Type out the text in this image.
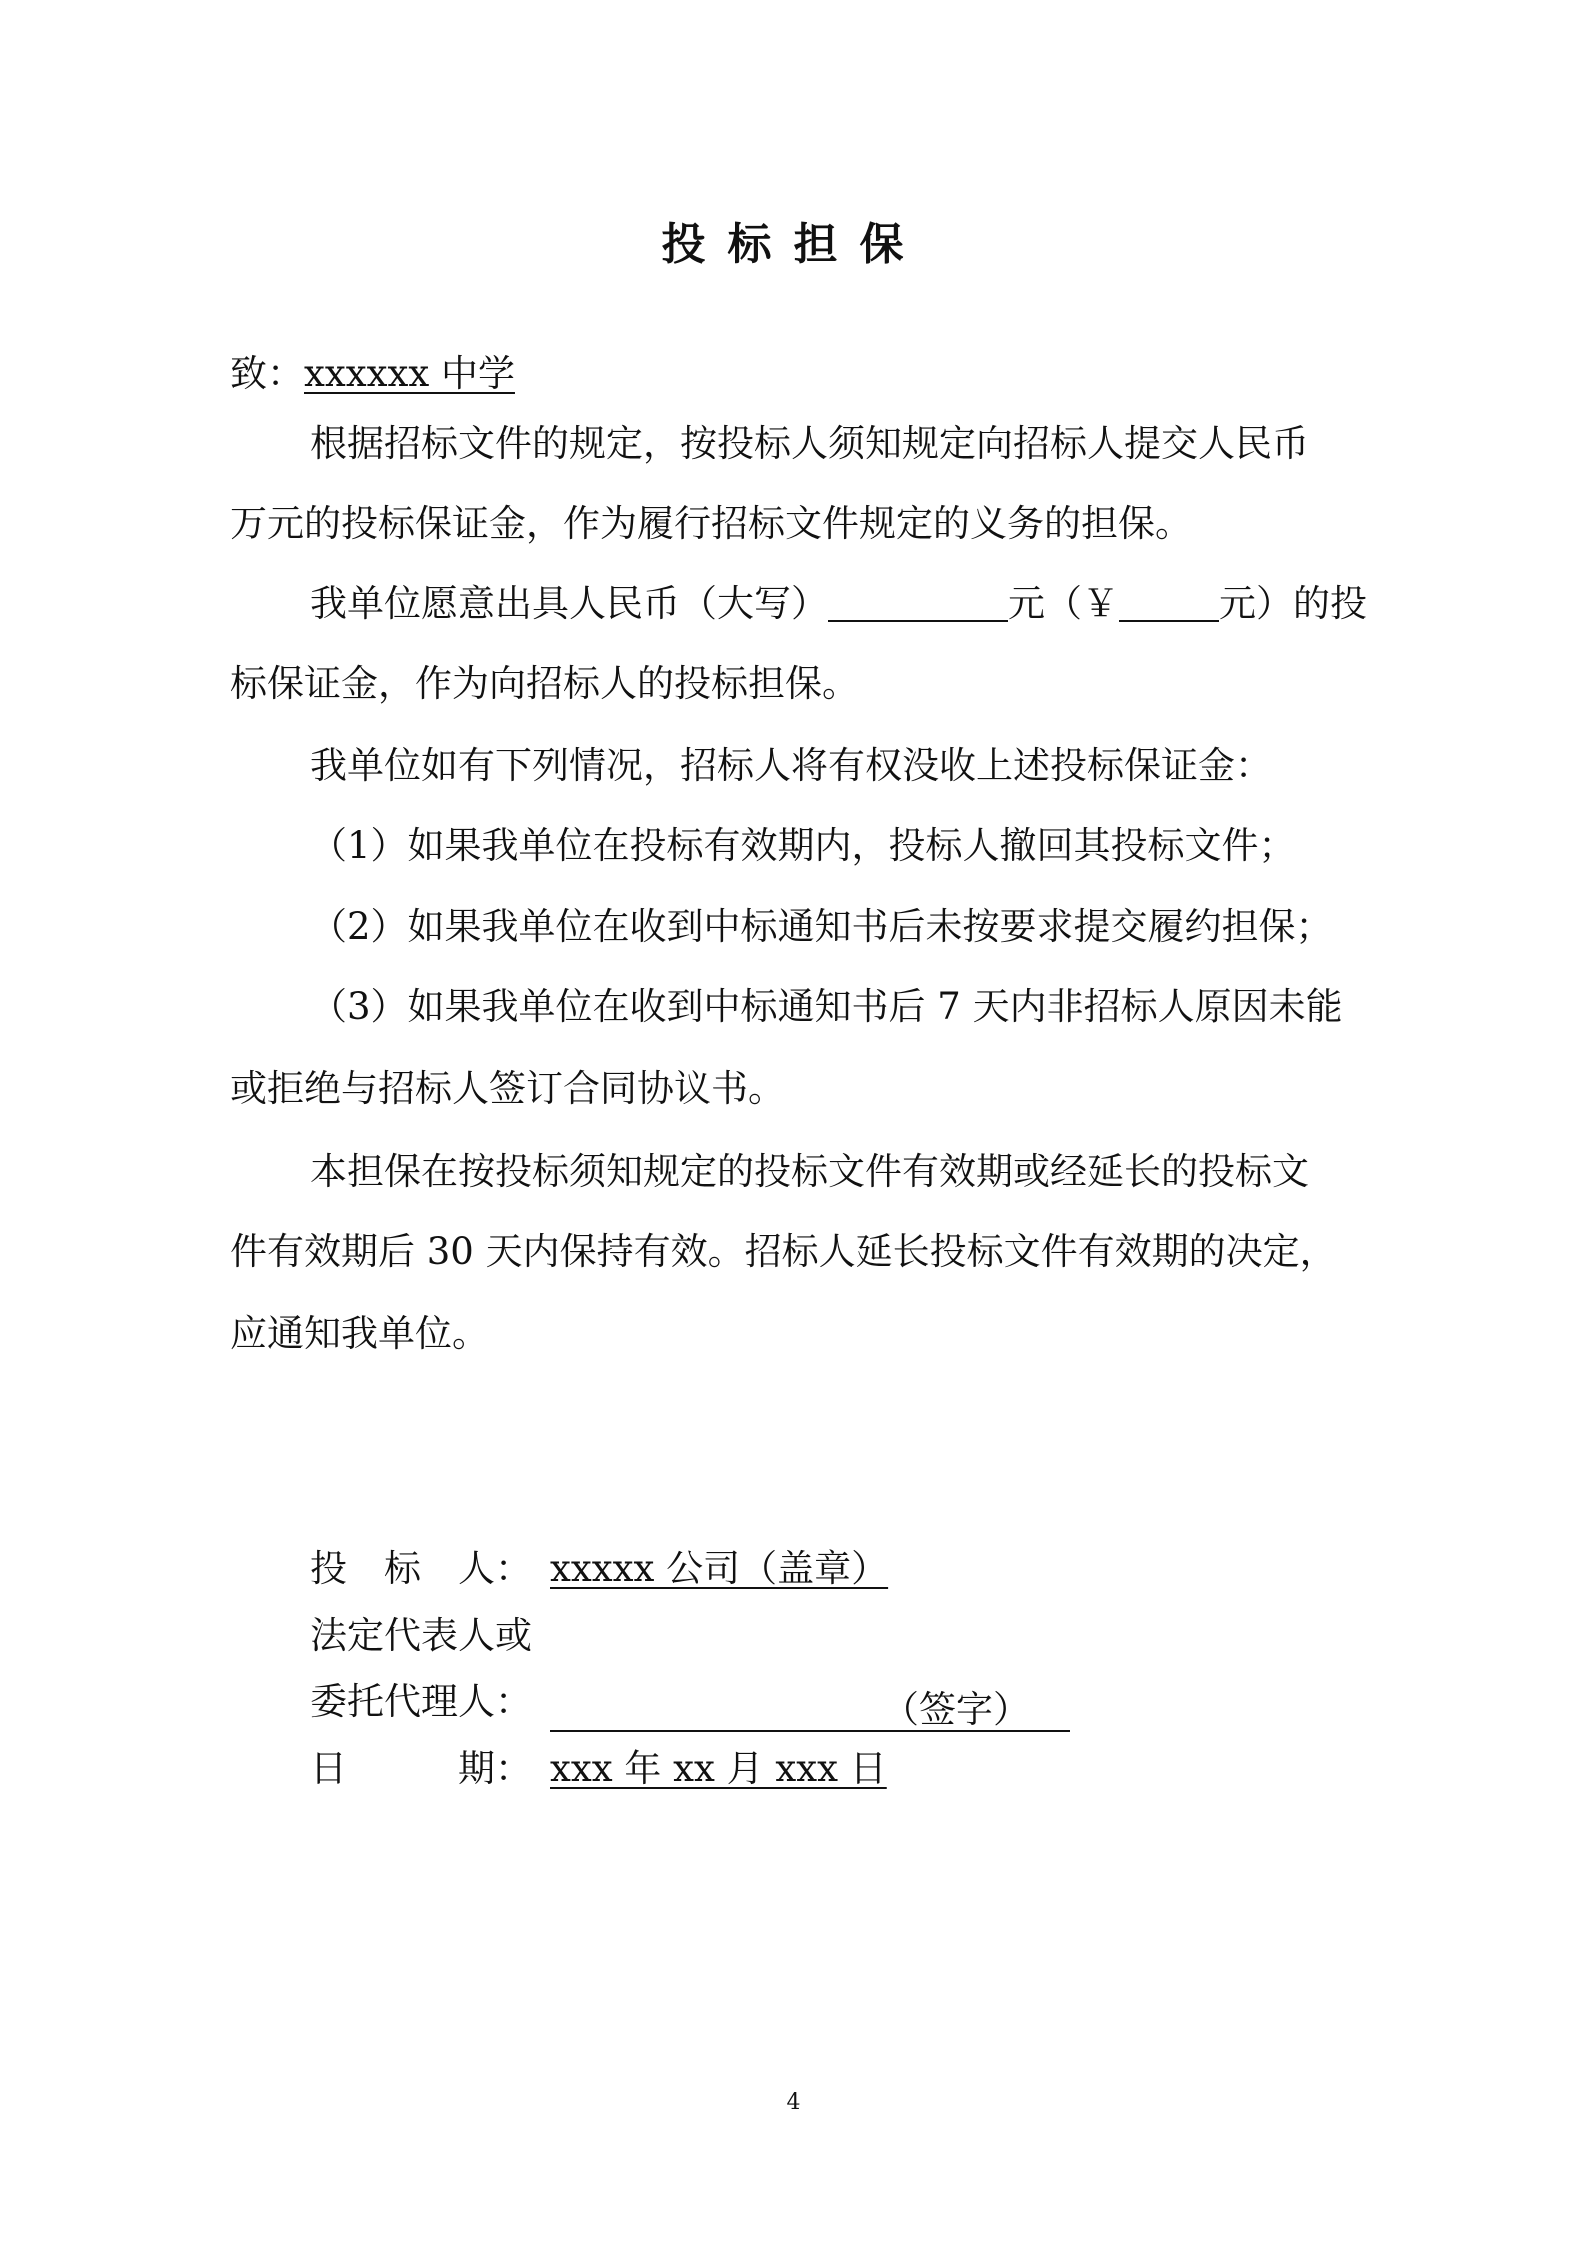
投标担保
致：xxxxxx 中学
根据招标文件的规定，按投标人须知规定向招标人提交人民币
万元的投标保证金，作为履行招标文件规定的义务的担保。
我单位愿意出具人民币（大写）	元（￥	元）的投
标保证金，作为向招标人的投标担保。
我单位如有下列情况，招标人将有权没收上述投标保证金：
（1）如果我单位在投标有效期内，投标人撤回其投标文件；
（2）如果我单位在收到中标通知书后未按要求提交履约担保；
（3）如果我单位在收到中标通知书后 7 天内非招标人原因未能
或拒绝与招标人签订合同协议书。
本担保在按投标须知规定的投标文件有效期或经延长的投标文
件有效期后 30 天内保持有效。招标人延长投标文件有效期的决定，
应通知我单位。
投　标　人： xxxxx 公司（盖章）
法定代表人或
委托代理人：	（签字）
日　　　期： xxx 年 xx 月 xxx 日
4
